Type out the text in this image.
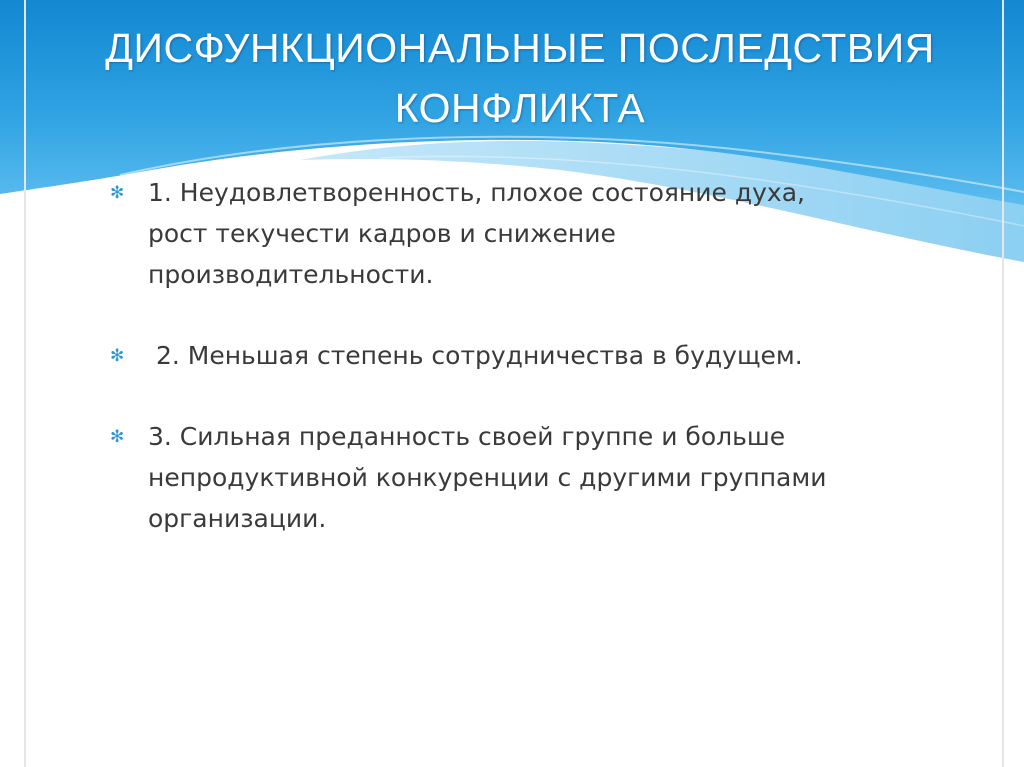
ДИСФУНКЦИОНАЛЬНЫЕ ПОСЛЕДСТВИЯ
КОНФЛИКТА
✻ 1. Неудовлетворенность, плохое состояние духа,
рост текучести кадров и снижение
производительности.
✻ 2. Меньшая степень сотрудничества в будущем.
✻ 3. Сильная преданность своей группе и больше
непродуктивной конкуренции с другими группами
организации.
